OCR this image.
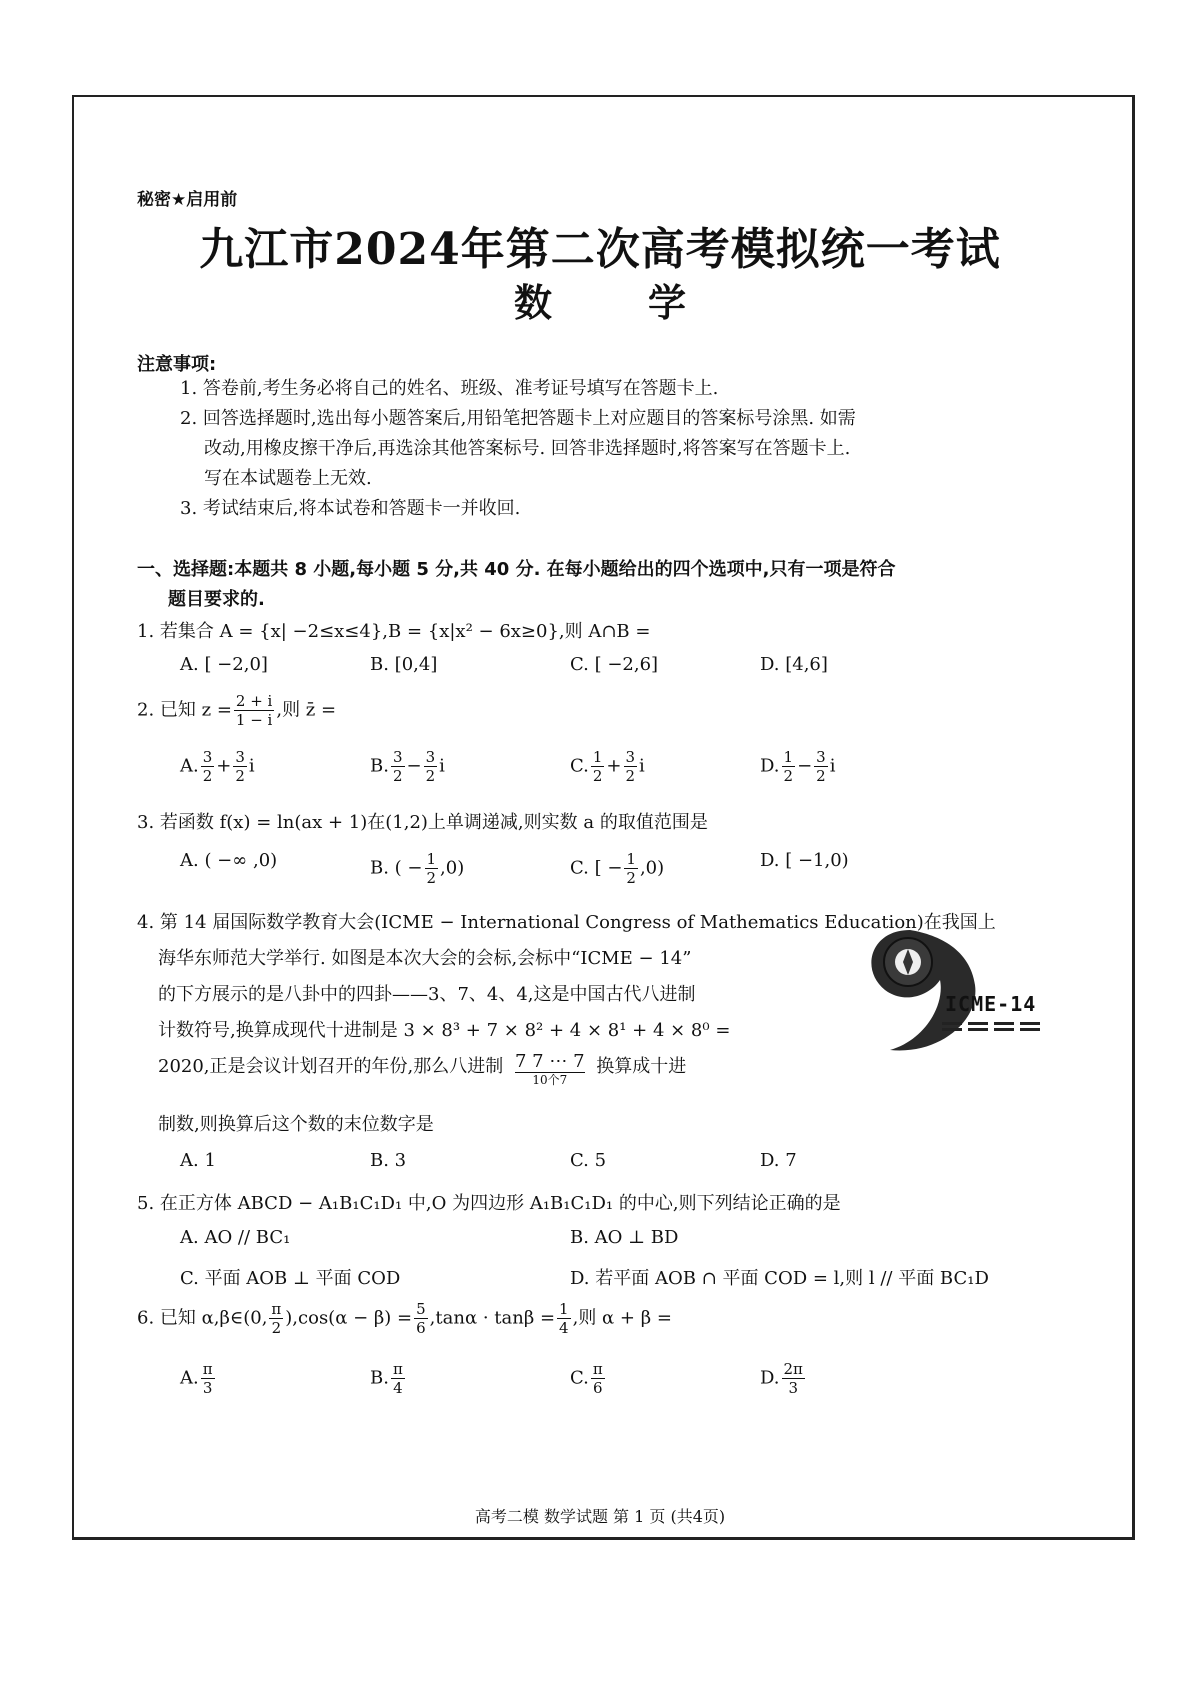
秘密★启用前
九江市2024年第二次高考模拟统一考试
数	学
注意事项:
1. 答卷前,考生务必将自己的姓名、班级、准考证号填写在答题卡上.
2. 回答选择题时,选出每小题答案后,用铅笔把答题卡上对应题目的答案标号涂黑. 如需
改动,用橡皮擦干净后,再选涂其他答案标号. 回答非选择题时,将答案写在答题卡上.
写在本试题卷上无效.
3. 考试结束后,将本试卷和答题卡一并收回.
一、选择题:本题共 8 小题,每小题 5 分,共 40 分. 在每小题给出的四个选项中,只有一项是符合
题目要求的.
1. 若集合 A = {x| −2≤x≤4},B = {x|x² − 6x≥0},则 A∩B =
A. [ −2,0]	B. [0,4]	C. [ −2,6]	D. [4,6]
2. 已知 $z = \frac{2 + i}{1 - i}$ ,则 z̄ =
A. $\frac{3}{2} + \frac{3}{2}$ i	B. $\frac{3}{2} - \frac{3}{2}$ i	C. $\frac{1}{2} + \frac{3}{2}$ i	D. $\frac{1}{2} - \frac{3}{2}$ i
3. 若函数 f(x) = ln(ax + 1)在(1,2)上单调递减,则实数 a 的取值范围是
A. ( −∞ ,0)	B. ( − $\frac{1}{2} ,0$)	C. [ − $\frac{1}{2} ,0$)	D. [ −1,0)
4. 第 14 届国际数学教育大会(ICME − International Congress of Mathematics Education)在我国上
海华东师范大学举行. 如图是本次大会的会标,会标中“ICME − 14”
的下方展示的是八卦中的四卦——3、7、4、4,这是中国古代八进制
计数符号,换算成现代十进制是 3 × 8³ + 7 × 8² + 4 × 8¹ + 4 × 8⁰ =
2020,正是会议计划召开的年份,那么八进制 7 7 ⋯ 7
10个7
换算成十进
制数,则换算后这个数的末位数字是
A. 1	B. 3	C. 5	D. 7
ICME-14
5. 在正方体 ABCD − A₁B₁C₁D₁ 中,O 为四边形 A₁B₁C₁D₁ 的中心,则下列结论正确的是
A. AO // BC₁	B. AO ⊥ BD
C. 平面 AOB ⊥ 平面 COD	D. 若平面 AOB ∩ 平面 COD = l,则 l // 平面 BC₁D
6. 已知 α,β∈(0, $\frac{\pi}{2} ),\cos(\alpha - \beta) = \frac{5}{6} ,\tan\alpha \cdot \tan\beta = \frac{1}{4}$ ,则 α + β =
A. $\frac{\pi}{3}$	B. $\frac{\pi}{4}$	C. $\frac{\pi}{6}$	D. $\frac{2\pi}{3}$
高考二模 数学试题 第 1 页 (共4页)
